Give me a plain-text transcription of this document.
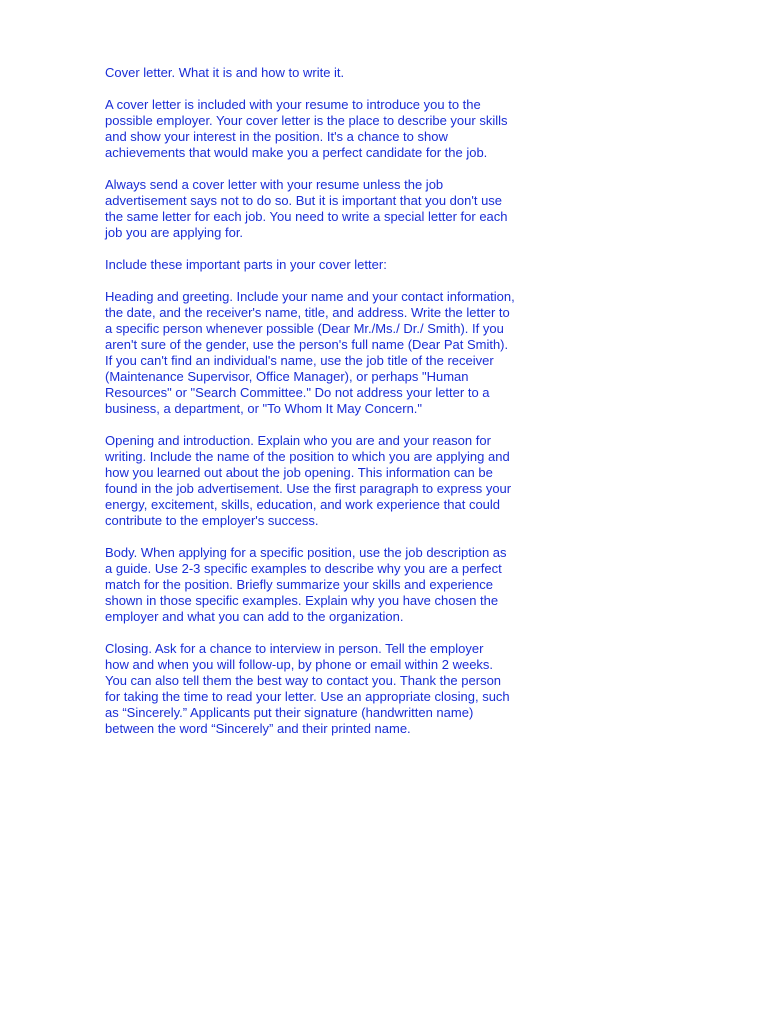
Cover letter. What it is and how to write it.
A cover letter is included with your resume to introduce you to the
possible employer. Your cover letter is the place to describe your skills
and show your interest in the position. It's a chance to show
achievements that would make you a perfect candidate for the job.
Always send a cover letter with your resume unless the job
advertisement says not to do so. But it is important that you don't use
the same letter for each job. You need to write a special letter for each
job you are applying for.
Include these important parts in your cover letter:
Heading and greeting. Include your name and your contact information,
the date, and the receiver's name, title, and address. Write the letter to
a specific person whenever possible (Dear Mr./Ms./ Dr./ Smith). If you
aren't sure of the gender, use the person's full name (Dear Pat Smith).
If you can't find an individual's name, use the job title of the receiver
(Maintenance Supervisor, Office Manager), or perhaps "Human
Resources" or "Search Committee." Do not address your letter to a
business, a department, or "To Whom It May Concern."
Opening and introduction. Explain who you are and your reason for
writing. Include the name of the position to which you are applying and
how you learned out about the job opening. This information can be
found in the job advertisement. Use the first paragraph to express your
energy, excitement, skills, education, and work experience that could
contribute to the employer's success.
Body. When applying for a specific position, use the job description as
a guide. Use 2-3 specific examples to describe why you are a perfect
match for the position. Briefly summarize your skills and experience
shown in those specific examples. Explain why you have chosen the
employer and what you can add to the organization.
Closing. Ask for a chance to interview in person. Tell the employer
how and when you will follow-up, by phone or email within 2 weeks.
You can also tell them the best way to contact you. Thank the person
for taking the time to read your letter. Use an appropriate closing, such
as “Sincerely.” Applicants put their signature (handwritten name)
between the word “Sincerely” and their printed name.
